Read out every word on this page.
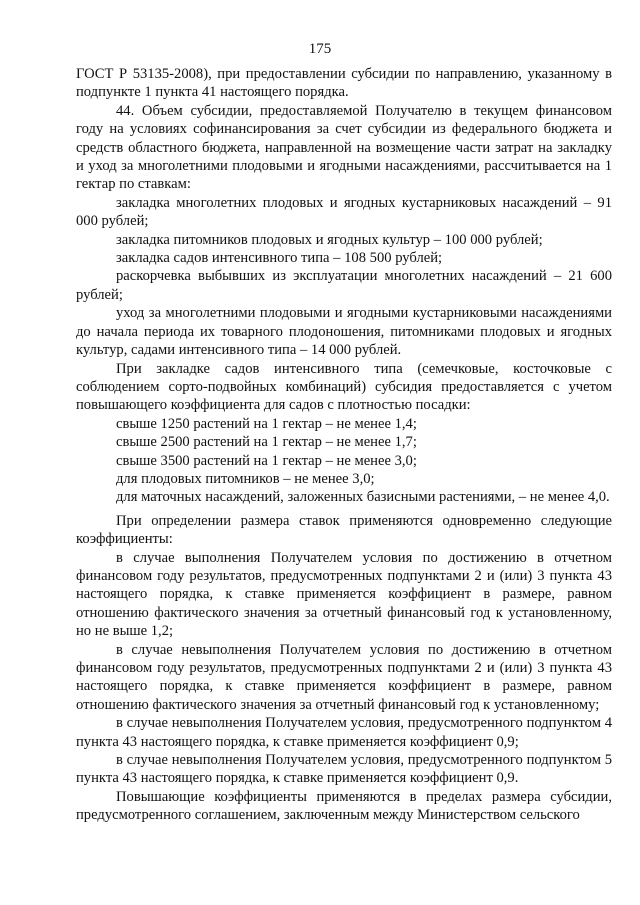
175

ГОСТ Р 53135-2008), при предоставлении субсидии по направлению, указанному в подпункте 1 пункта 41 настоящего порядка.

44. Объем субсидии, предоставляемой Получателю в текущем финансовом году на условиях софинансирования за счет субсидии из федерального бюджета и средств областного бюджета, направленной на возмещение части затрат на закладку и уход за многолетними плодовыми и ягодными насаждениями, рассчитывается на 1 гектар по ставкам:

закладка многолетних плодовых и ягодных кустарниковых насаждений – 91 000 рублей;

закладка питомников плодовых и ягодных культур – 100 000 рублей;

закладка садов интенсивного типа – 108 500 рублей;

раскорчевка выбывших из эксплуатации многолетних насаждений – 21 600 рублей;

уход за многолетними плодовыми и ягодными кустарниковыми насаждениями до начала периода их товарного плодоношения, питомниками плодовых и ягодных культур, садами интенсивного типа – 14 000 рублей.

При закладке садов интенсивного типа (семечковые, косточковые с соблюдением сорто-подвойных комбинаций) субсидия предоставляется с учетом повышающего коэффициента для садов с плотностью посадки:

свыше 1250 растений на 1 гектар – не менее 1,4;

свыше 2500 растений на 1 гектар – не менее 1,7;

свыше 3500 растений на 1 гектар – не менее 3,0;

для плодовых питомников – не менее 3,0;

для маточных насаждений, заложенных базисными растениями, – не менее 4,0.

При определении размера ставок применяются одновременно следующие коэффициенты:

в случае выполнения Получателем условия по достижению в отчетном финансовом году результатов, предусмотренных подпунктами 2 и (или) 3 пункта 43 настоящего порядка, к ставке применяется коэффициент в размере, равном отношению фактического значения за отчетный финансовый год к установленному, но не выше 1,2;

в случае невыполнения Получателем условия по достижению в отчетном финансовом году результатов, предусмотренных подпунктами 2 и (или) 3 пункта 43 настоящего порядка, к ставке применяется коэффициент в размере, равном отношению фактического значения за отчетный финансовый год к установленному;

в случае невыполнения Получателем условия, предусмотренного подпунктом 4 пункта 43 настоящего порядка, к ставке применяется коэффициент 0,9;

в случае невыполнения Получателем условия, предусмотренного подпунктом 5 пункта 43 настоящего порядка, к ставке применяется коэффициент 0,9.

Повышающие коэффициенты применяются в пределах размера субсидии, предусмотренного соглашением, заключенным между Министерством сельского
